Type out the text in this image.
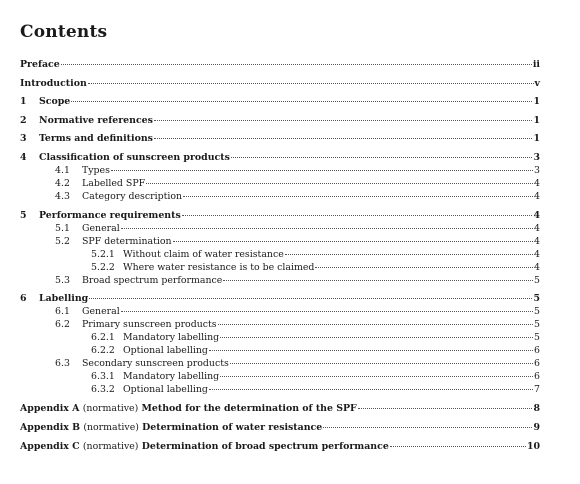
Contents
Preface	ii
Introduction	v
1	Scope	1
2	Normative references	1
3	Terms and definitions	1
4	Classification of sunscreen products	3
4.1	Types	3
4.2	Labelled SPF	4
4.3	Category description	4
5	Performance requirements	4
5.1	General	4
5.2	SPF determination	4
5.2.1 Without claim of water resistance	4
5.2.2 Where water resistance is to be claimed	4
5.3	Broad spectrum performance	5
6	Labelling	5
6.1	General	5
6.2	Primary sunscreen products	5
6.2.1 Mandatory labelling	5
6.2.2 Optional labelling	6
6.3	Secondary sunscreen products	6
6.3.1 Mandatory labelling	6
6.3.2 Optional labelling	7
Appendix A (normative) Method for the determination of the SPF	8
Appendix B (normative) Determination of water resistance	9
Appendix C (normative) Determination of broad spectrum performance	10
